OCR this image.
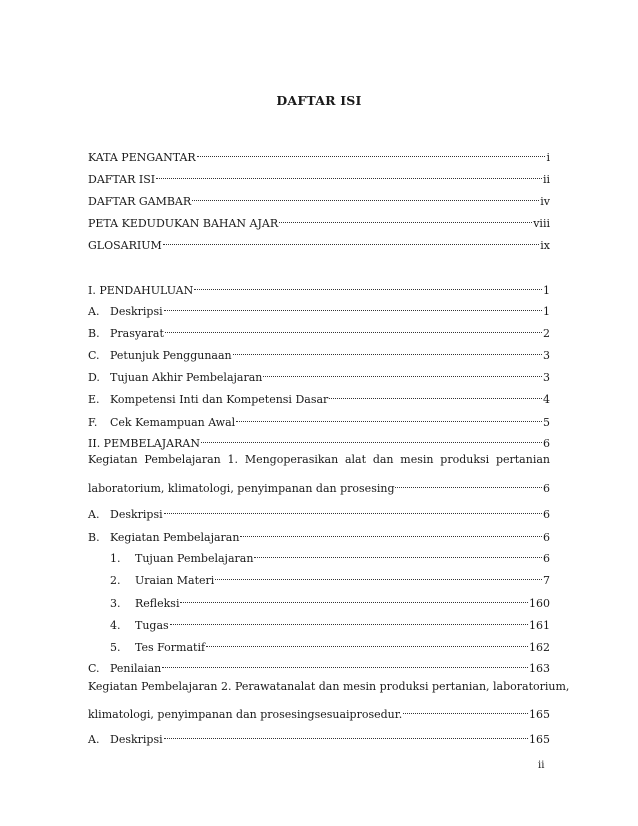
DAFTAR ISI
KATA PENGANTAR	i
DAFTAR ISI	ii
DAFTAR GAMBAR	iv
PETA KEDUDUKAN BAHAN AJAR	viii
GLOSARIUM	ix
I. PENDAHULUAN	1
A. Deskripsi	1
B. Prasyarat	2
C. Petunjuk Penggunaan	3
D. Tujuan Akhir Pembelajaran	3
E. Kompetensi Inti dan Kompetensi Dasar	4
F.	Cek Kemampuan Awal	5
II. PEMBELAJARAN	6
Kegiatan Pembelajaran 1. Mengoperasikan alat dan mesin produksi pertanian
laboratorium, klimatologi, penyimpanan dan prosesing	6
A. Deskripsi	6
B. Kegiatan Pembelajaran	6
1.	Tujuan Pembelajaran	6
2.	Uraian Materi	7
3.	Refleksi	160
4.	Tugas	161
5.	Tes Formatif	162
C. Penilaian	163
Kegiatan Pembelajaran 2. Perawatanalat dan mesin produksi pertanian, laboratorium,
klimatologi, penyimpanan dan prosesingsesuaiprosedur.	165
A. Deskripsi	165
ii
